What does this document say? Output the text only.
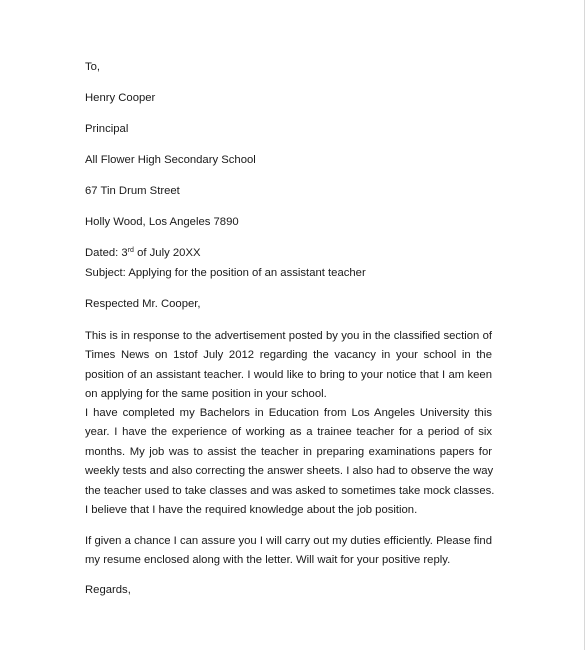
To,
Henry Cooper
Principal
All Flower High Secondary School
67 Tin Drum Street
Holly Wood, Los Angeles 7890
Dated: 3rd of July 20XX
Subject: Applying for the position of an assistant teacher
Respected Mr. Cooper,
This is in response to the advertisement posted by you in the classified section of
Times News on 1stof July 2012 regarding the vacancy in your school in the
position of an assistant teacher. I would like to bring to your notice that I am keen
on applying for the same position in your school.
I have completed my Bachelors in Education from Los Angeles University this
year. I have the experience of working as a trainee teacher for a period of six
months. My job was to assist the teacher in preparing examinations papers for
weekly tests and also correcting the answer sheets. I also had to observe the way
the teacher used to take classes and was asked to sometimes take mock classes.
I believe that I have the required knowledge about the job position.
If given a chance I can assure you I will carry out my duties efficiently. Please find
my resume enclosed along with the letter. Will wait for your positive reply.
Regards,
